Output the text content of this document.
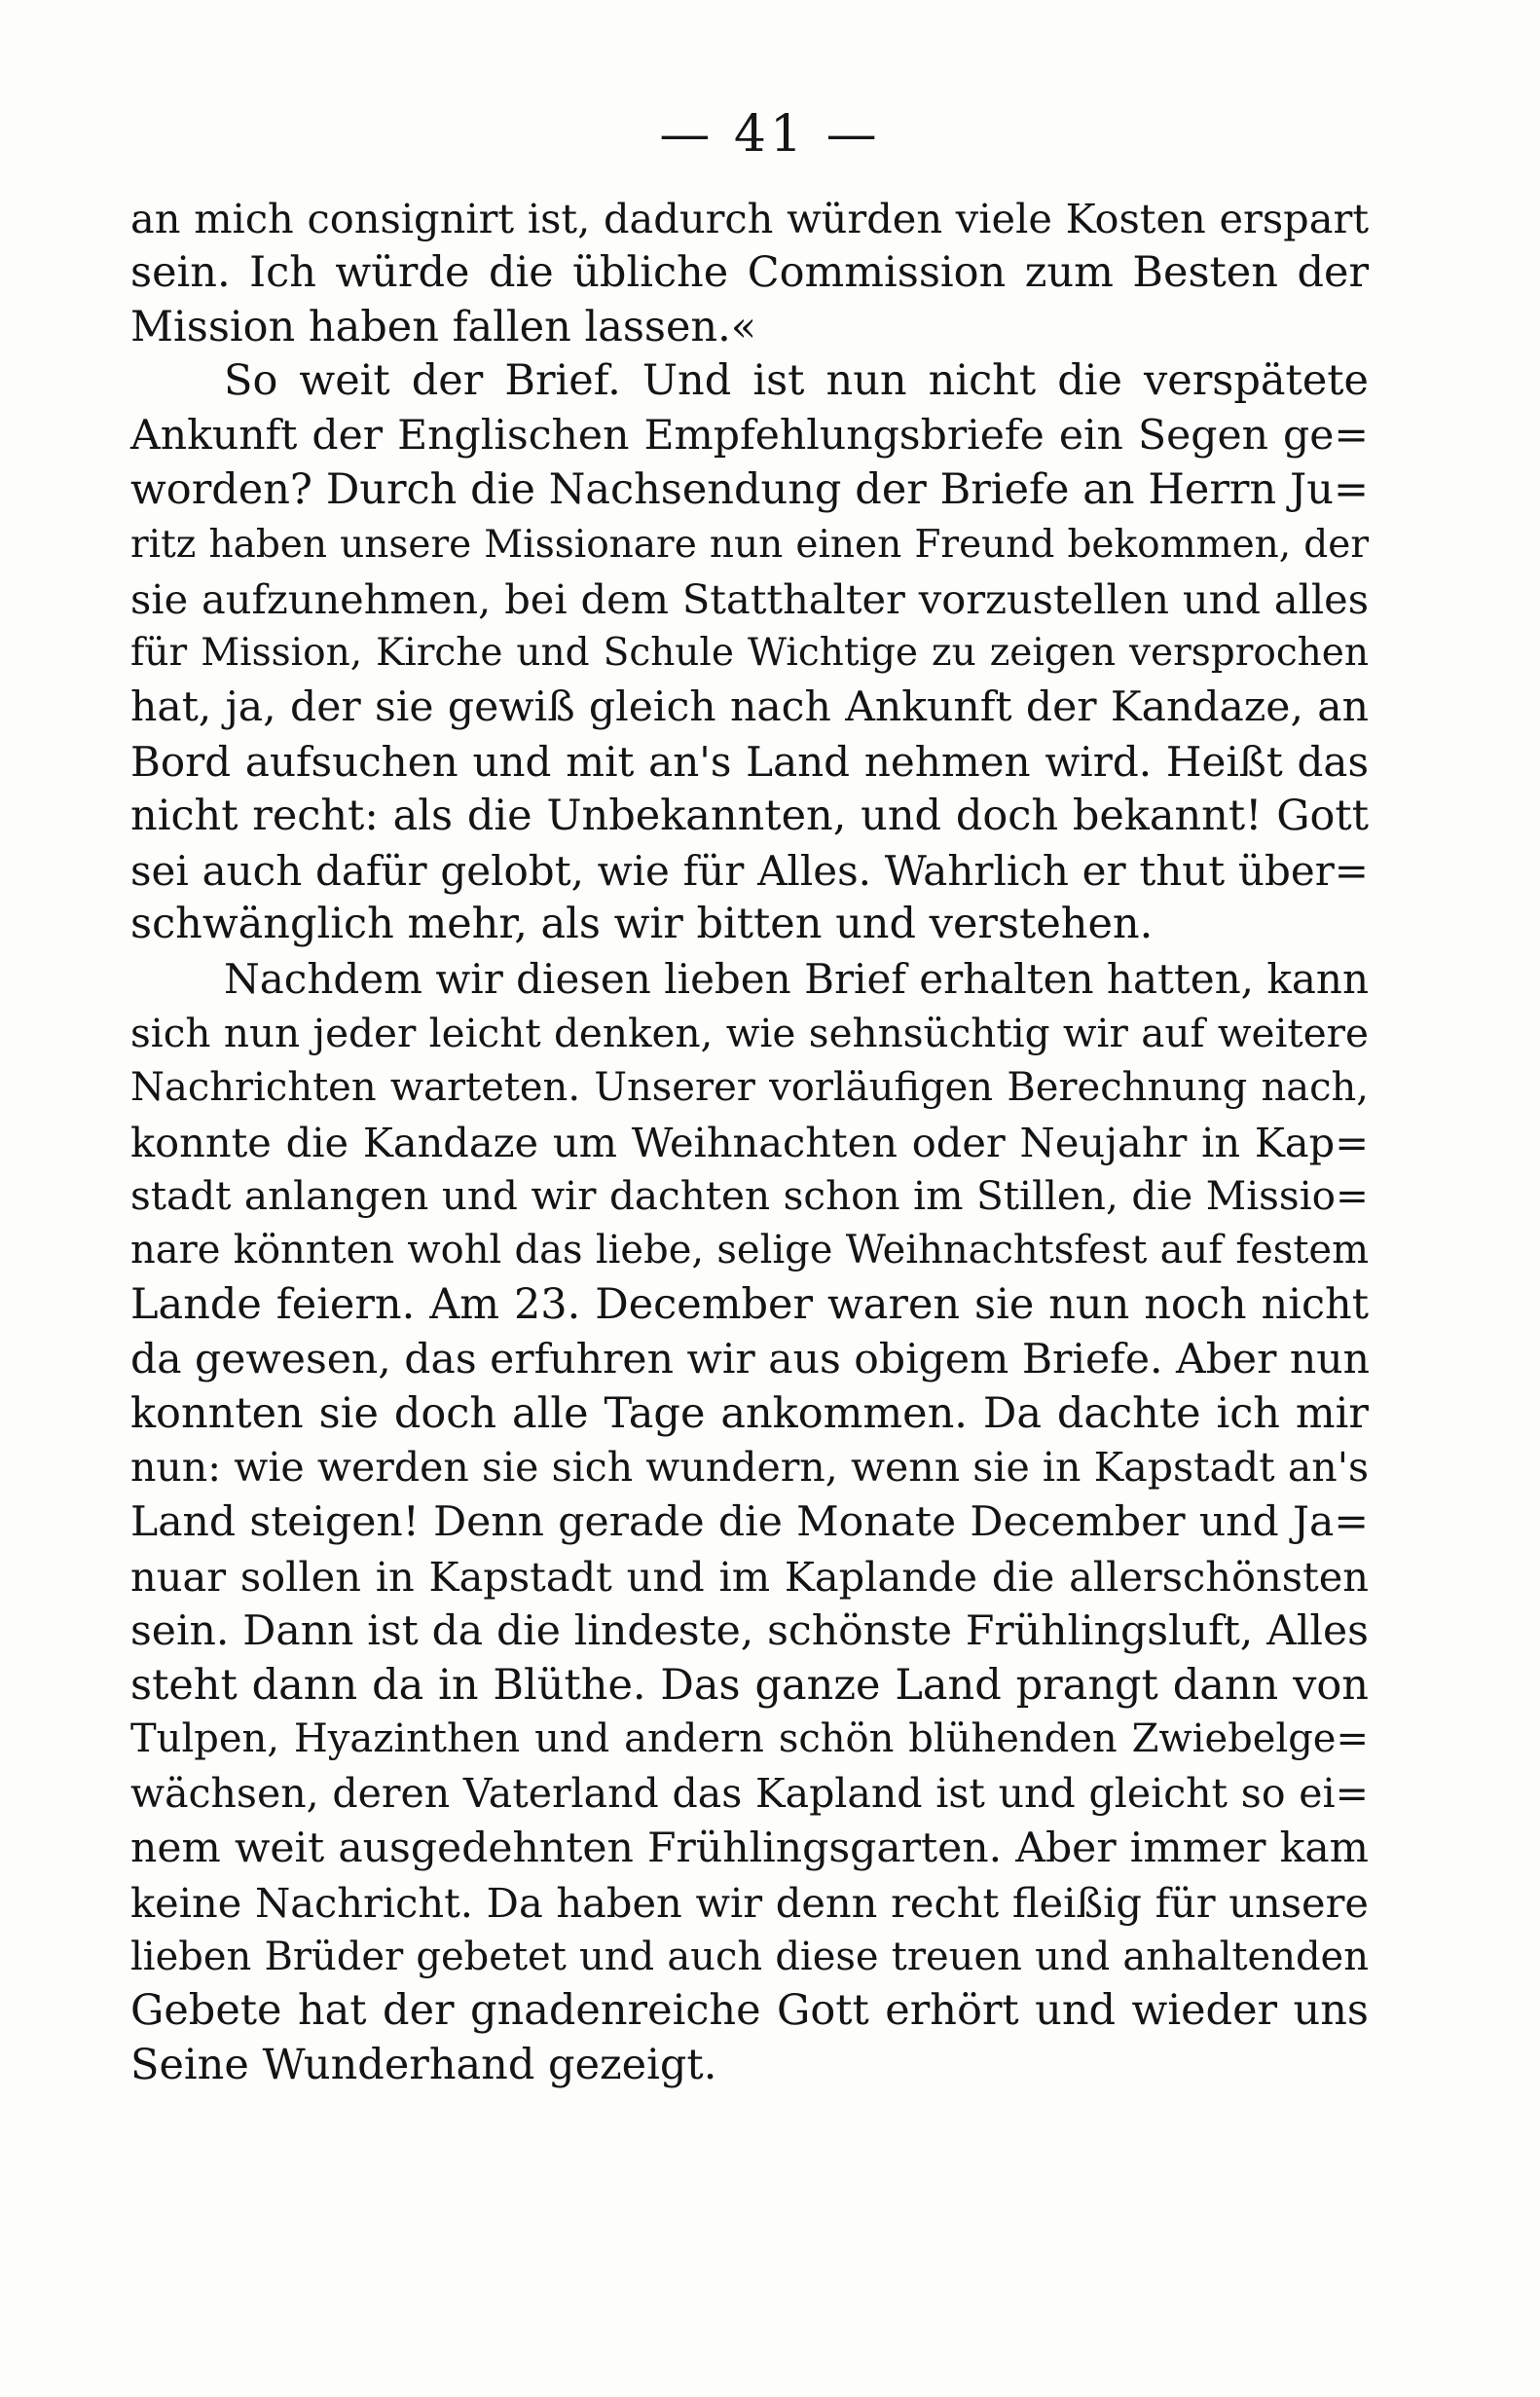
— 41 —
an mich consignirt ist, dadurch würden viele Kosten erspart
sein. Ich würde die übliche Commission zum Besten der
Mission haben fallen lassen.«
So weit der Brief. Und ist nun nicht die verspätete
Ankunft der Englischen Empfehlungsbriefe ein Segen ge=
worden? Durch die Nachsendung der Briefe an Herrn Ju=
ritz haben unsere Missionare nun einen Freund bekommen, der
sie aufzunehmen, bei dem Statthalter vorzustellen und alles
für Mission, Kirche und Schule Wichtige zu zeigen versprochen
hat, ja, der sie gewiß gleich nach Ankunft der Kandaze, an
Bord aufsuchen und mit an's Land nehmen wird. Heißt das
nicht recht: als die Unbekannten, und doch bekannt! Gott
sei auch dafür gelobt, wie für Alles. Wahrlich er thut über=
schwänglich mehr, als wir bitten und verstehen.
Nachdem wir diesen lieben Brief erhalten hatten, kann
sich nun jeder leicht denken, wie sehnsüchtig wir auf weitere
Nachrichten warteten. Unserer vorläufigen Berechnung nach,
konnte die Kandaze um Weihnachten oder Neujahr in Kap=
stadt anlangen und wir dachten schon im Stillen, die Missio=
nare könnten wohl das liebe, selige Weihnachtsfest auf festem
Lande feiern. Am 23. December waren sie nun noch nicht
da gewesen, das erfuhren wir aus obigem Briefe. Aber nun
konnten sie doch alle Tage ankommen. Da dachte ich mir
nun: wie werden sie sich wundern, wenn sie in Kapstadt an's
Land steigen! Denn gerade die Monate December und Ja=
nuar sollen in Kapstadt und im Kaplande die allerschönsten
sein. Dann ist da die lindeste, schönste Frühlingsluft, Alles
steht dann da in Blüthe. Das ganze Land prangt dann von
Tulpen, Hyazinthen und andern schön blühenden Zwiebelge=
wächsen, deren Vaterland das Kapland ist und gleicht so ei=
nem weit ausgedehnten Frühlingsgarten. Aber immer kam
keine Nachricht. Da haben wir denn recht fleißig für unsere
lieben Brüder gebetet und auch diese treuen und anhaltenden
Gebete hat der gnadenreiche Gott erhört und wieder uns
Seine Wunderhand gezeigt.
